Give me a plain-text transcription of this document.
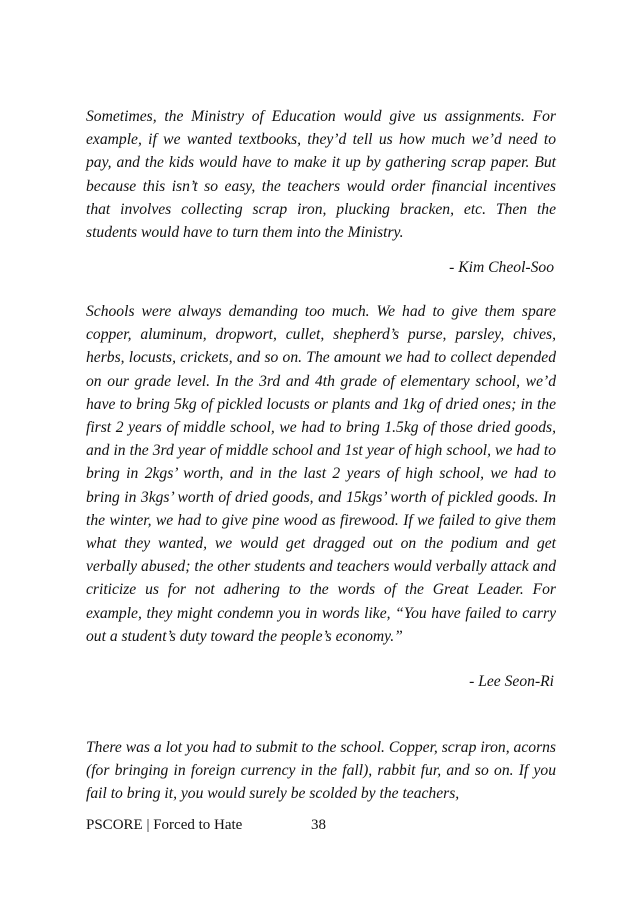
Sometimes, the Ministry of Education would give us assignments. For example, if we wanted textbooks, they’d tell us how much we’d need to pay, and the kids would have to make it up by gathering scrap paper. But because this isn’t so easy, the teachers would order financial incentives that involves collecting scrap iron, plucking bracken, etc. Then the students would have to turn them into the Ministry.

- Kim Cheol-Soo

Schools were always demanding too much. We had to give them spare copper, aluminum, dropwort, cullet, shepherd’s purse, parsley, chives, herbs, locusts, crickets, and so on. The amount we had to collect depended on our grade level. In the 3rd and 4th grade of elementary school, we’d have to bring 5kg of pickled locusts or plants and 1kg of dried ones; in the first 2 years of middle school, we had to bring 1.5kg of those dried goods, and in the 3rd year of middle school and 1st year of high school, we had to bring in 2kgs’ worth, and in the last 2 years of high school, we had to bring in 3kgs’ worth of dried goods, and 15kgs’ worth of pickled goods. In the winter, we had to give pine wood as firewood. If we failed to give them what they wanted, we would get dragged out on the podium and get verbally abused; the other students and teachers would verbally attack and criticize us for not adhering to the words of the Great Leader. For example, they might condemn you in words like, “You have failed to carry out a student’s duty toward the people’s economy.”

- Lee Seon-Ri

There was a lot you had to submit to the school. Copper, scrap iron, acorns (for bringing in foreign currency in the fall), rabbit fur, and so on. If you fail to bring it, you would surely be scolded by the teachers,

PSCORE | Forced to Hate	38
